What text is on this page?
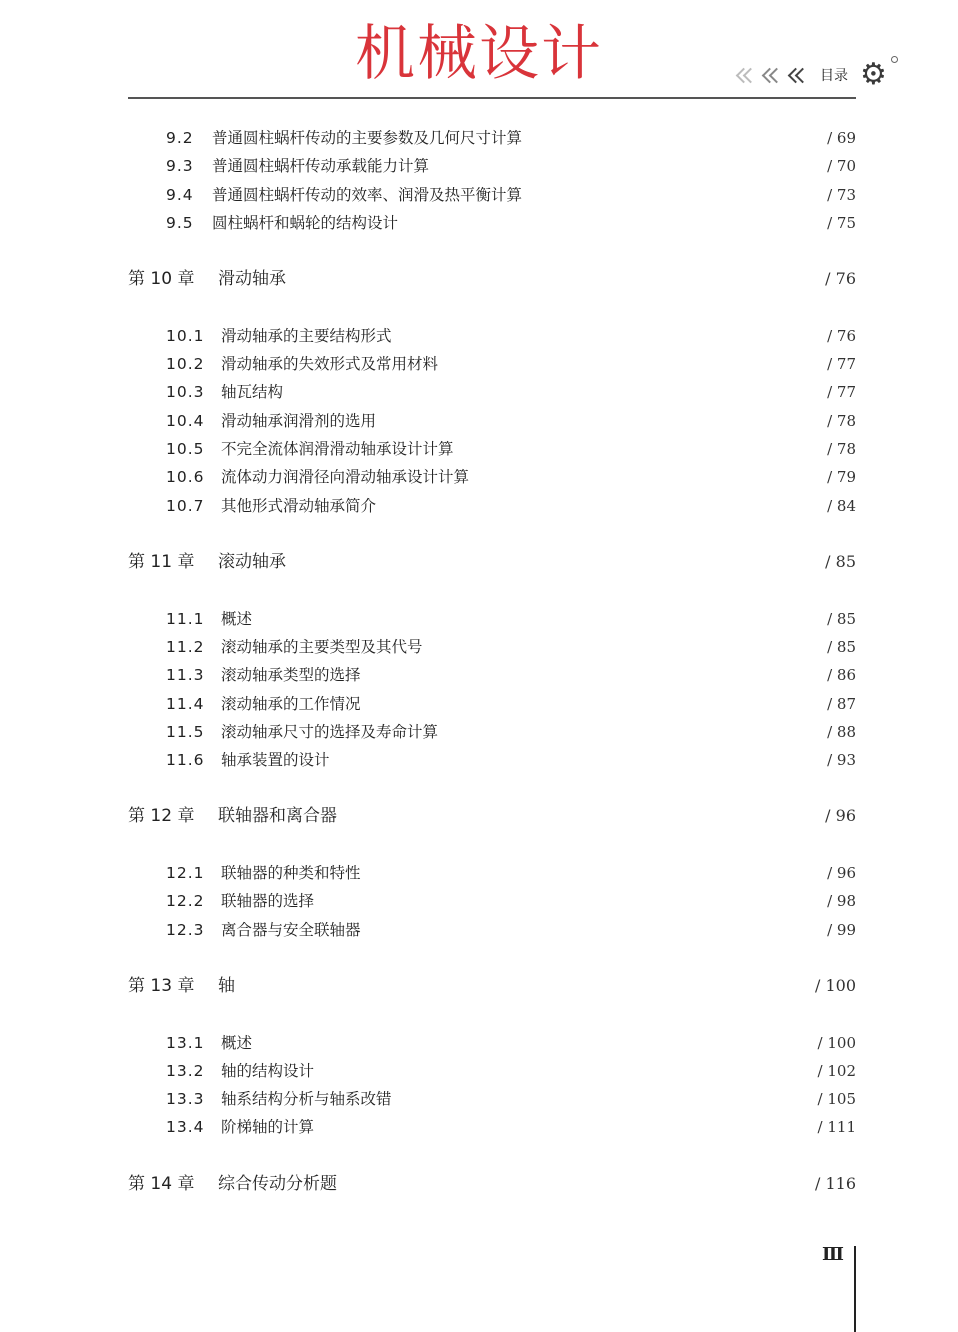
机械设计	目录 ⚙
9.2 普通圆柱蜗杆传动的主要参数及几何尺寸计算	/ 69
9.3 普通圆柱蜗杆传动承载能力计算	/ 70
9.4 普通圆柱蜗杆传动的效率、润滑及热平衡计算	/ 73
9.5 圆柱蜗杆和蜗轮的结构设计	/ 75
第 10 章 滑动轴承	/ 76
10.1 滑动轴承的主要结构形式	/ 76
10.2 滑动轴承的失效形式及常用材料	/ 77
10.3 轴瓦结构	/ 77
10.4 滑动轴承润滑剂的选用	/ 78
10.5 不完全流体润滑滑动轴承设计计算	/ 78
10.6 流体动力润滑径向滑动轴承设计计算	/ 79
10.7 其他形式滑动轴承简介	/ 84
第 11 章 滚动轴承	/ 85
11.1 概述	/ 85
11.2 滚动轴承的主要类型及其代号	/ 85
11.3 滚动轴承类型的选择	/ 86
11.4 滚动轴承的工作情况	/ 87
11.5 滚动轴承尺寸的选择及寿命计算	/ 88
11.6 轴承装置的设计	/ 93
第 12 章 联轴器和离合器	/ 96
12.1 联轴器的种类和特性	/ 96
12.2 联轴器的选择	/ 98
12.3 离合器与安全联轴器	/ 99
第 13 章 轴	/ 100
13.1 概述	/ 100
13.2 轴的结构设计	/ 102
13.3 轴系结构分析与轴系改错	/ 105
13.4 阶梯轴的计算	/ 111
第 14 章 综合传动分析题	/ 116
Ⅲ
